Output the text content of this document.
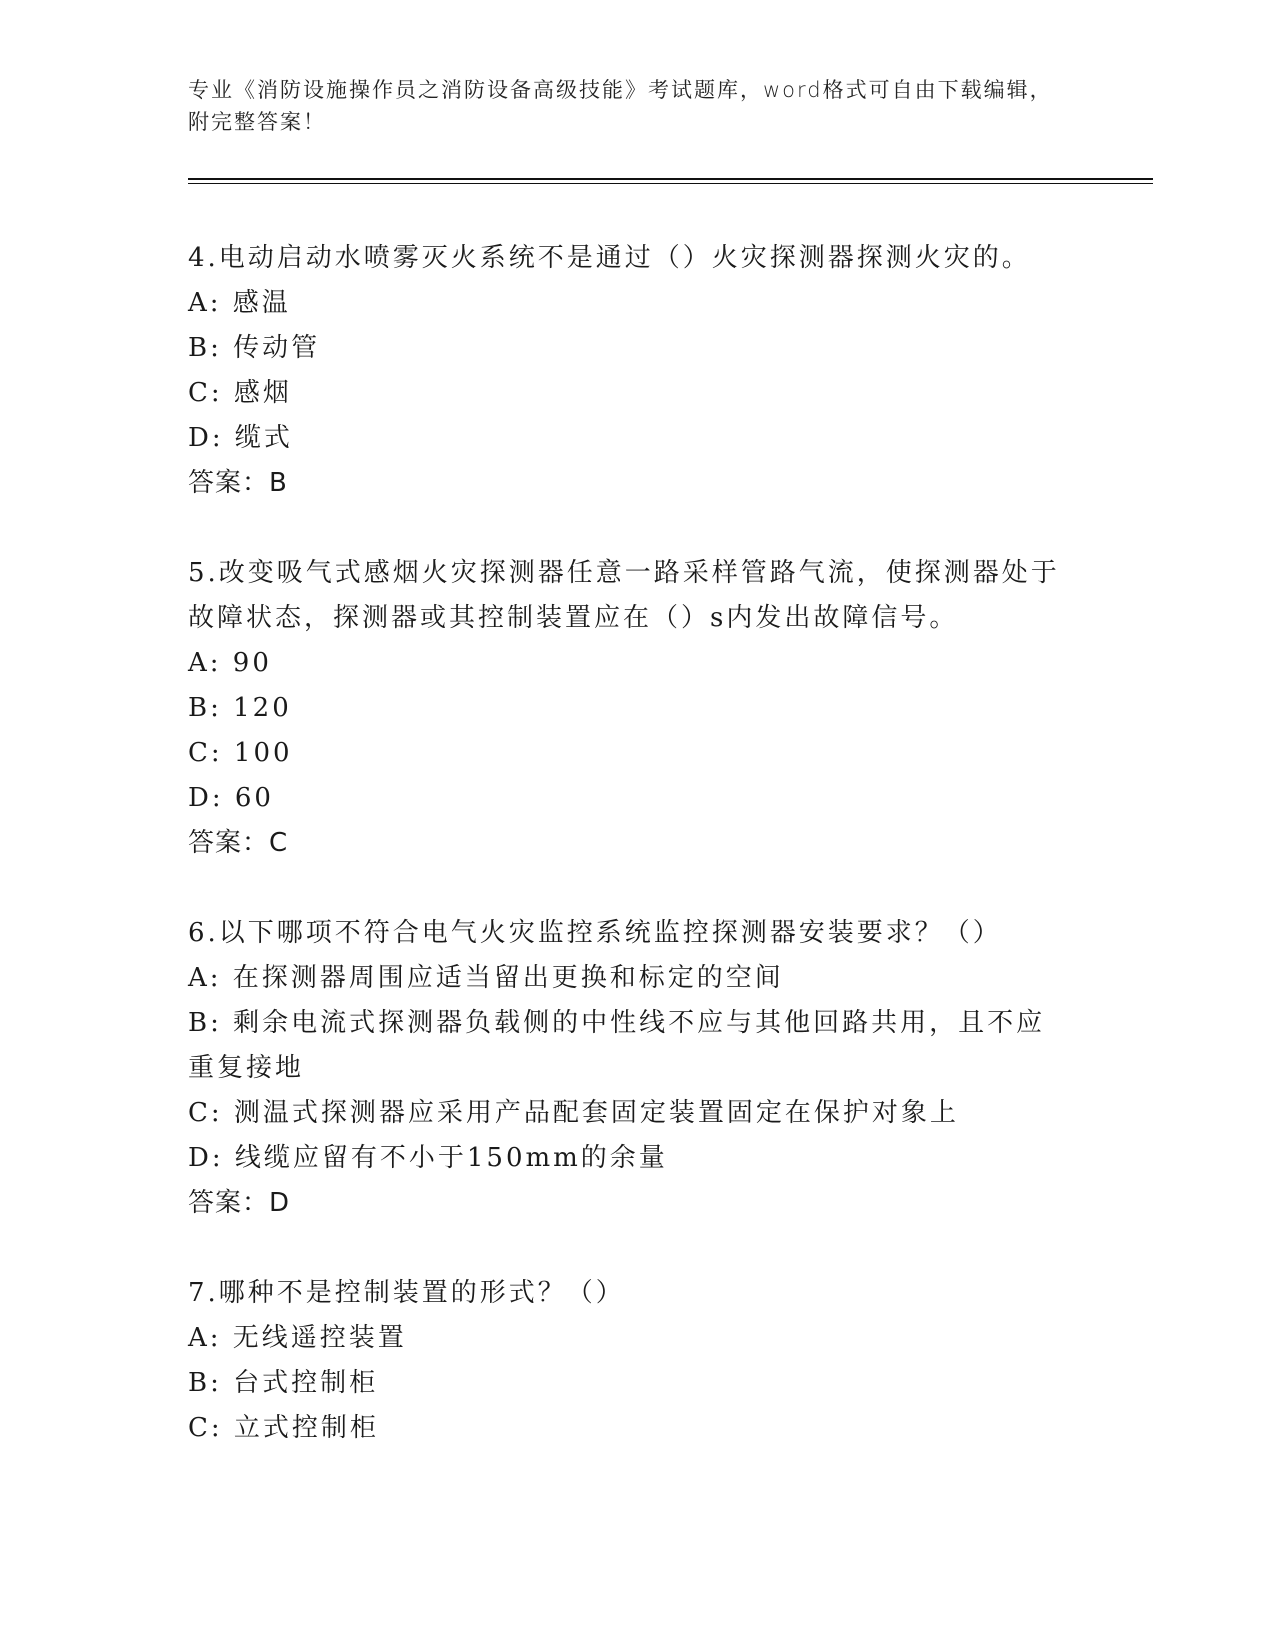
专业《消防设施操作员之消防设备高级技能》考试题库，word格式可自由下载编辑，附完整答案！

4.电动启动水喷雾灭火系统不是通过（）火灾探测器探测火灾的。

A: 感温

B: 传动管

C: 感烟

D: 缆式

答案：B

5.改变吸气式感烟火灾探测器任意一路采样管路气流，使探测器处于故障状态，探测器或其控制装置应在（）s内发出故障信号。

A: 90

B: 120

C: 100

D: 60

答案：C

6.以下哪项不符合电气火灾监控系统监控探测器安装要求？（）

A: 在探测器周围应适当留出更换和标定的空间

B: 剩余电流式探测器负载侧的中性线不应与其他回路共用，且不应重复接地

C: 测温式探测器应采用产品配套固定装置固定在保护对象上

D: 线缆应留有不小于150mm的余量

答案：D

7.哪种不是控制装置的形式？（）

A: 无线遥控装置

B: 台式控制柜

C: 立式控制柜
